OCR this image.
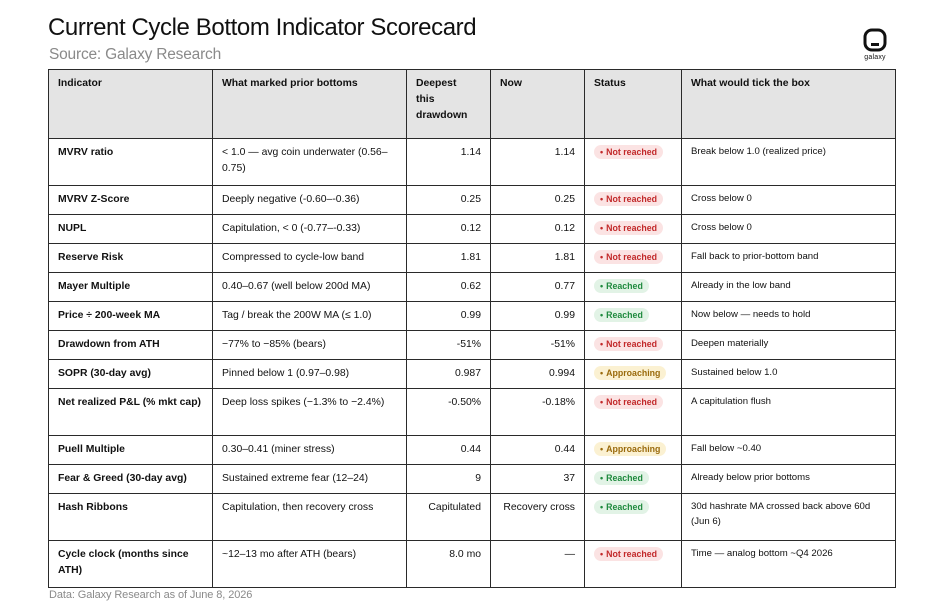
Current Cycle Bottom Indicator Scorecard
Source: Galaxy Research	galaxy
Indicator	What marked prior bottoms	Deepest this drawdown	Now	Status	What would tick the box
MVRV ratio	< 1.0 — avg coin underwater (0.56–0.75)	1.14	1.14	• Not reached	Break below 1.0 (realized price)
MVRV Z-Score	Deeply negative (-0.60–-0.36)	0.25	0.25	• Not reached	Cross below 0
NUPL	Capitulation, < 0 (-0.77–-0.33)	0.12	0.12	• Not reached	Cross below 0
Reserve Risk	Compressed to cycle-low band	1.81	1.81	• Not reached	Fall back to prior-bottom band
Mayer Multiple	0.40–0.67 (well below 200d MA)	0.62	0.77	• Reached	Already in the low band
Price ÷ 200-week MA	Tag / break the 200W MA (≤ 1.0)	0.99	0.99	• Reached	Now below — needs to hold
Drawdown from ATH	−77% to −85% (bears)	-51%	-51%	• Not reached	Deepen materially
SOPR (30-day avg)	Pinned below 1 (0.97–0.98)	0.987	0.994	• Approaching	Sustained below 1.0
Net realized P&L (% mkt cap)	Deep loss spikes (−1.3% to −2.4%)	-0.50%	-0.18%	• Not reached	A capitulation flush
Puell Multiple	0.30–0.41 (miner stress)	0.44	0.44	• Approaching	Fall below ~0.40
Fear & Greed (30-day avg)	Sustained extreme fear (12–24)	9	37	• Reached	Already below prior bottoms
Hash Ribbons	Capitulation, then recovery cross	Capitulated	Recovery cross	• Reached	30d hashrate MA crossed back above 60d (Jun 6)
Cycle clock (months since ATH)	~12–13 mo after ATH (bears)	8.0 mo	—	• Not reached	Time — analog bottom ~Q4 2026
Data: Galaxy Research as of June 8, 2026
